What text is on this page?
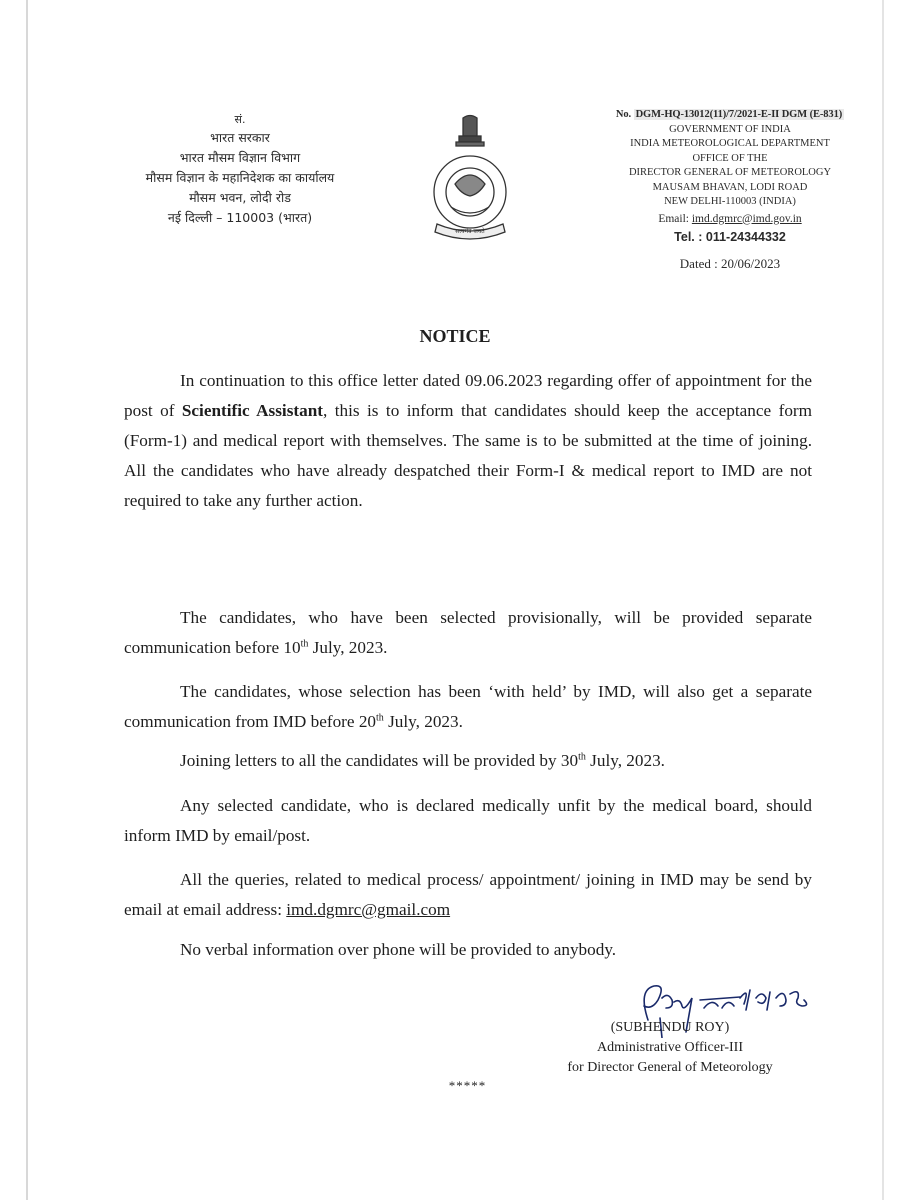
सं.
भारत सरकार
भारत मौसम विज्ञान विभाग
मौसम विज्ञान के महानिदेशक का कार्यालय
मौसम भवन, लोदी रोड
नई दिल्ली – 110003 (भारत)
सत्यमेव जयते
No. DGM-HQ-13012(11)/7/2021-E-II DGM (E-831)
GOVERNMENT OF INDIA
INDIA METEOROLOGICAL DEPARTMENT
OFFICE OF THE
DIRECTOR GENERAL OF METEOROLOGY
MAUSAM BHAVAN, LODI ROAD
NEW DELHI-110003 (INDIA)
Email: imd.dgmrc@imd.gov.in
Tel. : 011-24344332
Dated : 20/06/2023
NOTICE
In continuation to this office letter dated 09.06.2023 regarding offer of appointment for the post of Scientific Assistant, this is to inform that candidates should keep the acceptance form (Form-1) and medical report with themselves. The same is to be submitted at the time of joining. All the candidates who have already despatched their Form-I & medical report to IMD are not required to take any further action.
The candidates, who have been selected provisionally, will be provided separate communication before 10th July, 2023.
The candidates, whose selection has been ‘with held’ by IMD, will also get a separate communication from IMD before 20th July, 2023.
Joining letters to all the candidates will be provided by 30th July, 2023.
Any selected candidate, who is declared medically unfit by the medical board, should inform IMD by email/post.
All the queries, related to medical process/ appointment/ joining in IMD may be send by email at email address: imd.dgmrc@gmail.com
No verbal information over phone will be provided to anybody.
(SUBHENDU ROY)
Administrative Officer-III
for Director General of Meteorology
*****
